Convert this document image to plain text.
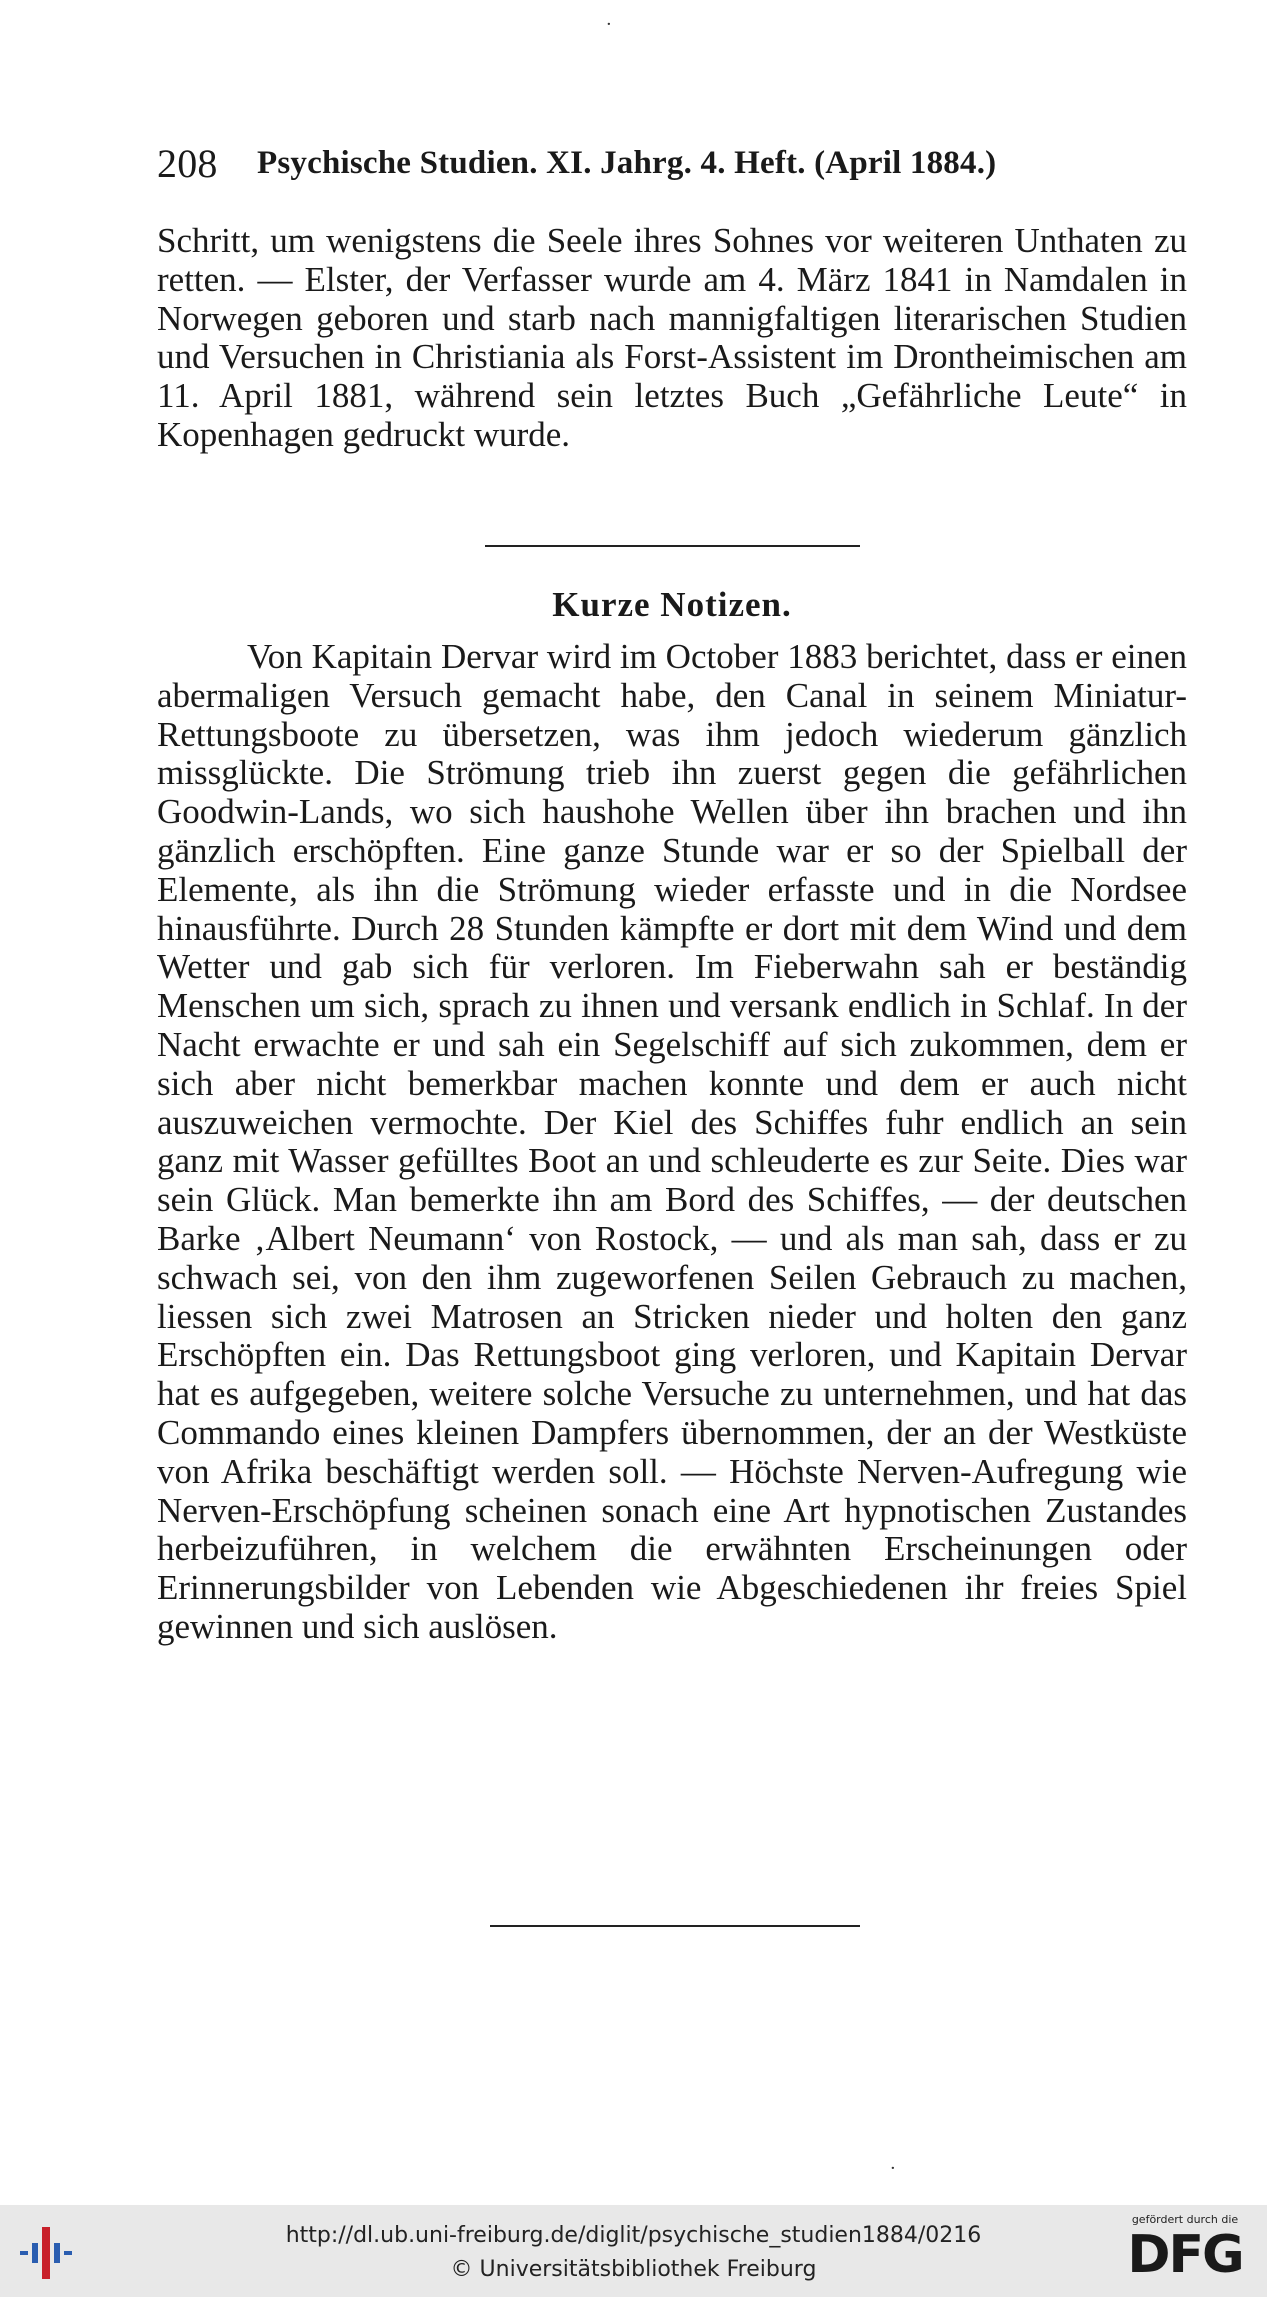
·
·
208 Psychische Studien. XI. Jahrg. 4. Heft. (April 1884.)
Schritt, um wenigstens die Seele ihres Sohnes vor weiteren Unthaten zu retten. — Elster, der Verfasser wurde am 4. März 1841 in Namdalen in Norwegen geboren und starb nach mannigfaltigen literarischen Studien und Versuchen in Christiania als Forst-Assistent im Drontheimischen am 11. April 1881, während sein letztes Buch „Gefährliche Leute“ in Kopenhagen gedruckt wurde.
Kurze Notizen.
Von Kapitain Dervar wird im October 1883 berichtet, dass er einen abermaligen Versuch gemacht habe, den Canal in seinem Miniatur-Rettungsboote zu übersetzen, was ihm jedoch wiederum gänzlich missglückte. Die Strömung trieb ihn zuerst gegen die gefährlichen Goodwin-Lands, wo sich haushohe Wellen über ihn brachen und ihn gänzlich erschöpften. Eine ganze Stunde war er so der Spielball der Elemente, als ihn die Strömung wieder erfasste und in die Nordsee hinausführte. Durch 28 Stunden kämpfte er dort mit dem Wind und dem Wetter und gab sich für verloren. Im Fieberwahn sah er beständig Menschen um sich, sprach zu ihnen und versank endlich in Schlaf. In der Nacht erwachte er und sah ein Segelschiff auf sich zukommen, dem er sich aber nicht bemerkbar machen konnte und dem er auch nicht auszuweichen vermochte. Der Kiel des Schiffes fuhr endlich an sein ganz mit Wasser gefülltes Boot an und schleuderte es zur Seite. Dies war sein Glück. Man bemerkte ihn am Bord des Schiffes, — der deutschen Barke ‚Albert Neumann‘ von Rostock, — und als man sah, dass er zu schwach sei, von den ihm zugeworfenen Seilen Gebrauch zu machen, liessen sich zwei Matrosen an Stricken nieder und holten den ganz Erschöpften ein. Das Rettungsboot ging verloren, und Kapitain Dervar hat es aufgegeben, weitere solche Versuche zu unternehmen, und hat das Commando eines kleinen Dampfers übernommen, der an der Westküste von Afrika beschäftigt werden soll. — Höchste Nerven-Aufregung wie Nerven-Erschöpfung scheinen sonach eine Art hypnotischen Zustandes herbeizuführen, in welchem die erwähnten Erscheinungen oder Erinnerungsbilder von Lebenden wie Abgeschiedenen ihr freies Spiel gewinnen und sich auslösen.
http://dl.ub.uni-freiburg.de/diglit/psychische_studien1884/0216
© Universitätsbibliothek Freiburg
gefördert durch die
DFG
